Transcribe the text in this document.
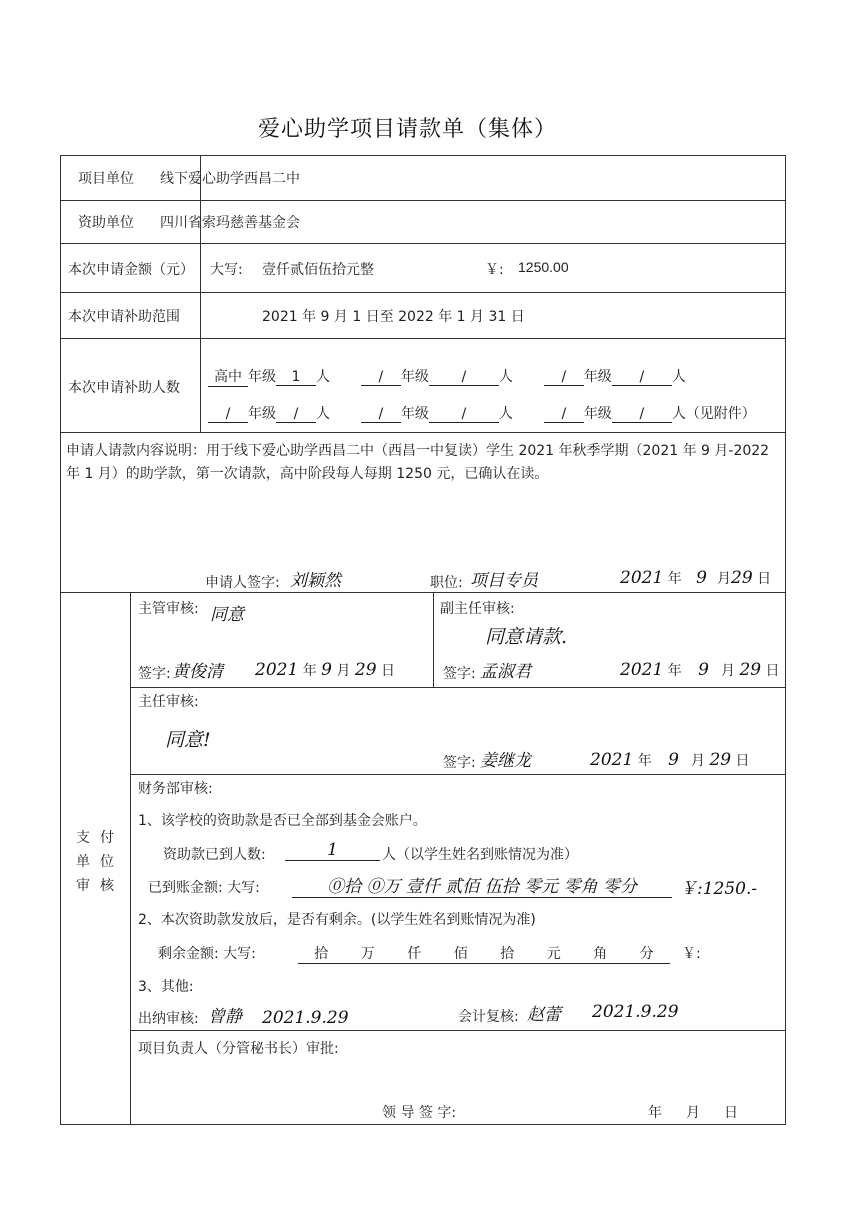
爱心助学项目请款单（集体）
项目单位 线下爱心助学西昌二中
资助单位 四川省索玛慈善基金会
本次申请金额（元） 大写: 壹仟贰佰伍拾元整	￥: 1250.00
本次申请补助范围	2021 年 9 月 1 日至 2022 年 1 月 31 日
本次申请补助人数
高中 年级 1 人	/ 年级 / 人	/ 年级 / 人
/ 年级 / 人	/ 年级 / 人	/ 年级 / 人（见附件）
申请人请款内容说明：用于线下爱心助学西昌二中（西昌一中复读）学生 2021 年秋季学期（2021 年 9 月-2022 年 1 月）的助学款，第一次请款，高中阶段每人每期 1250 元，已确认在读。
申请人签字: 刘颖然	职位: 项目专员	2021 年 9 月29 日
支 付
单 位
审 核
主管审核: 同意
签字: 黄俊清 2021 年 9 月 29 日
副主任审核:
同意请款.
签字: 孟淑君	2021 年 9 月 29 日
主任审核:
同意!
签字: 姜继龙	2021 年 9 月 29 日
财务部审核:
1、该学校的资助款是否已全部到基金会账户。
资助款已到人数:	1	人（以学生姓名到账情况为准）
已到账金额: 大写:	⓪拾 ⓪万 壹仟 贰佰 伍拾 零元 零角 零分	￥:1250.-
2、本次资助款发放后，是否有剩余。(以学生姓名到账情况为准)
剩余金额: 大写:	拾 万 仟 佰 拾 元 角 分 ￥:
3、其他:
出纳审核: 曾静 2021.9.29	会计复核: 赵蕾 2021.9.29
项目负责人（分管秘书长）审批:
领 导 签 字:	年 月 日
